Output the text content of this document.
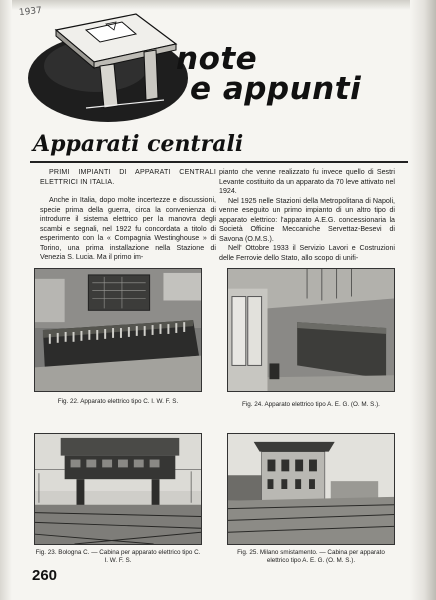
1937
note
e appunti
Apparati centrali

PRIMI IMPIANTI DI APPARATI CENTRALI ELETTRICI IN ITALIA.

Anche in Italia, dopo molte incertezze e discussioni, specie prima della guerra, circa la convenienza di introdurre il sistema elettrico per la manovra degli scambi e segnali, nel 1922 fu concordata a titolo di esperimento con la « Compagnia Westinghouse » di Torino, una prima installazione nella Stazione di Venezia S. Lucia. Ma il primo im-

pianto che venne realizzato fu invece quello di Sestri Levante costituito da un apparato da 70 leve attivato nel 1924.

Nel 1925 nelle Stazioni della Metropolitana di Napoli, venne eseguito un primo impianto di un altro tipo di apparato elettrico: l'apparato A.E.G. concessionaria la Società Officine Meccaniche Servettaz-Besevi di Savona (O.M.S.).

Nell' Ottobre 1933 il Servizio Lavori e Costruzioni delle Ferrovie dello Stato, allo scopo di unifi-

Fig. 22. Apparato elettrico tipo C. I. W. F. S.	Fig. 24. Apparato elettrico tipo A. E. G. (O. M. S.).
Fig. 23. Bologna C. — Cabina per apparato elettrico tipo C. I. W. F. S.
Fig. 25. Milano smistamento. — Cabina per apparato elettrico tipo A. E. G. (O. M. S.).
260
